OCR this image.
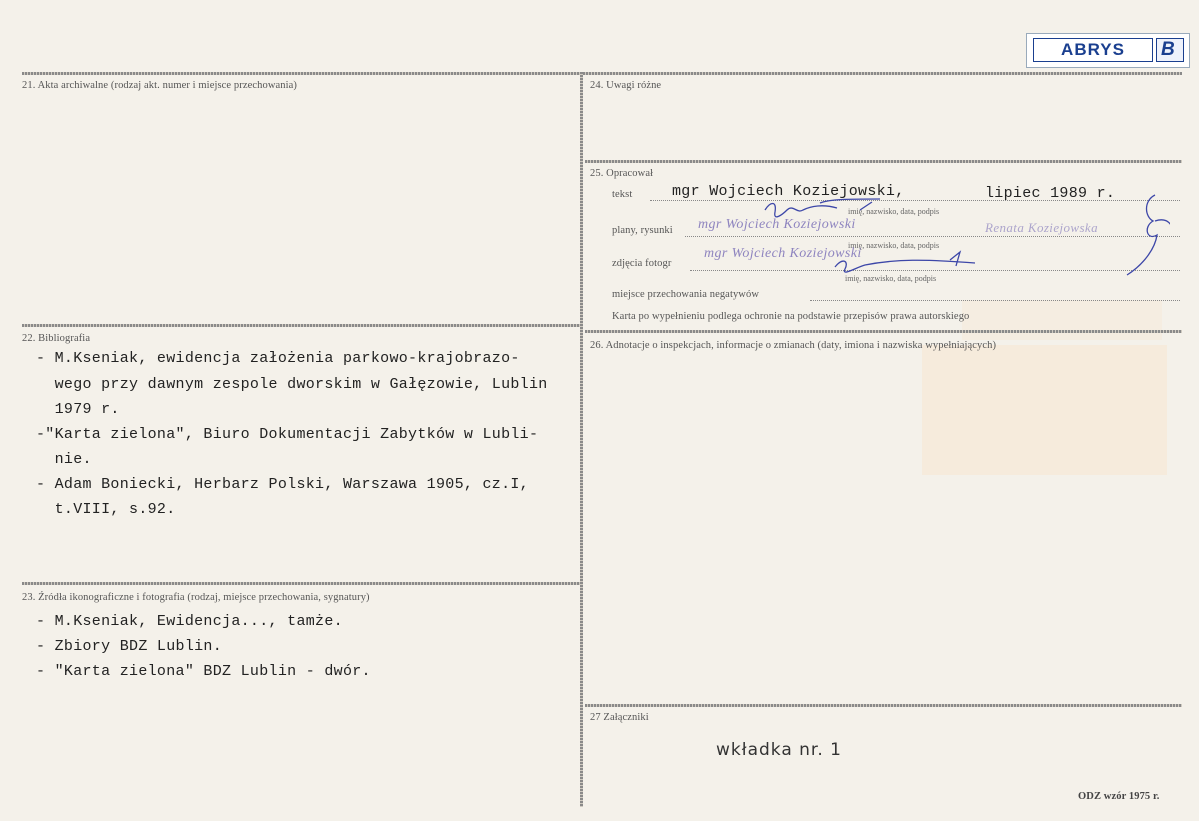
ABRYS	B
21. Akta archiwalne (rodzaj akt. numer i miejsce przechowania)
22. Bibliografia
- M.Kseniak, ewidencja założenia parkowo-krajobrazo-
wego przy dawnym zespole dworskim w Gałęzowie, Lublin
1979 r.
-"Karta zielona", Biuro Dokumentacji Zabytków w Lubli-
nie.
- Adam Boniecki, Herbarz Polski, Warszawa 1905, cz.I,
t.VIII, s.92.
23. Źródła ikonograficzne i fotografia (rodzaj, miejsce przechowania, sygnatury)
- M.Kseniak, Ewidencja..., tamże.
- Zbiory BDZ Lublin.
- "Karta zielona" BDZ Lublin - dwór.
24. Uwagi różne
25. Opracował
tekst	mgr Wojciech Koziejowski,	lipiec 1989 r.
imię, nazwisko, data, podpis
plany, rysunki mgr Wojciech Koziejowski	Renata Koziejowska
imię, nazwisko, data, podpis
zdjęcia fotogr
mgr Wojciech Koziejowski
imię, nazwisko, data, podpis
miejsce przechowania negatywów
Karta po wypełnieniu podlega ochronie na podstawie przepisów prawa autorskiego
26. Adnotacje o inspekcjach, informacje o zmianach (daty, imiona i nazwiska wypełniających)
27 Załączniki
wkładka nr. 1
ODZ wzór 1975 r.
